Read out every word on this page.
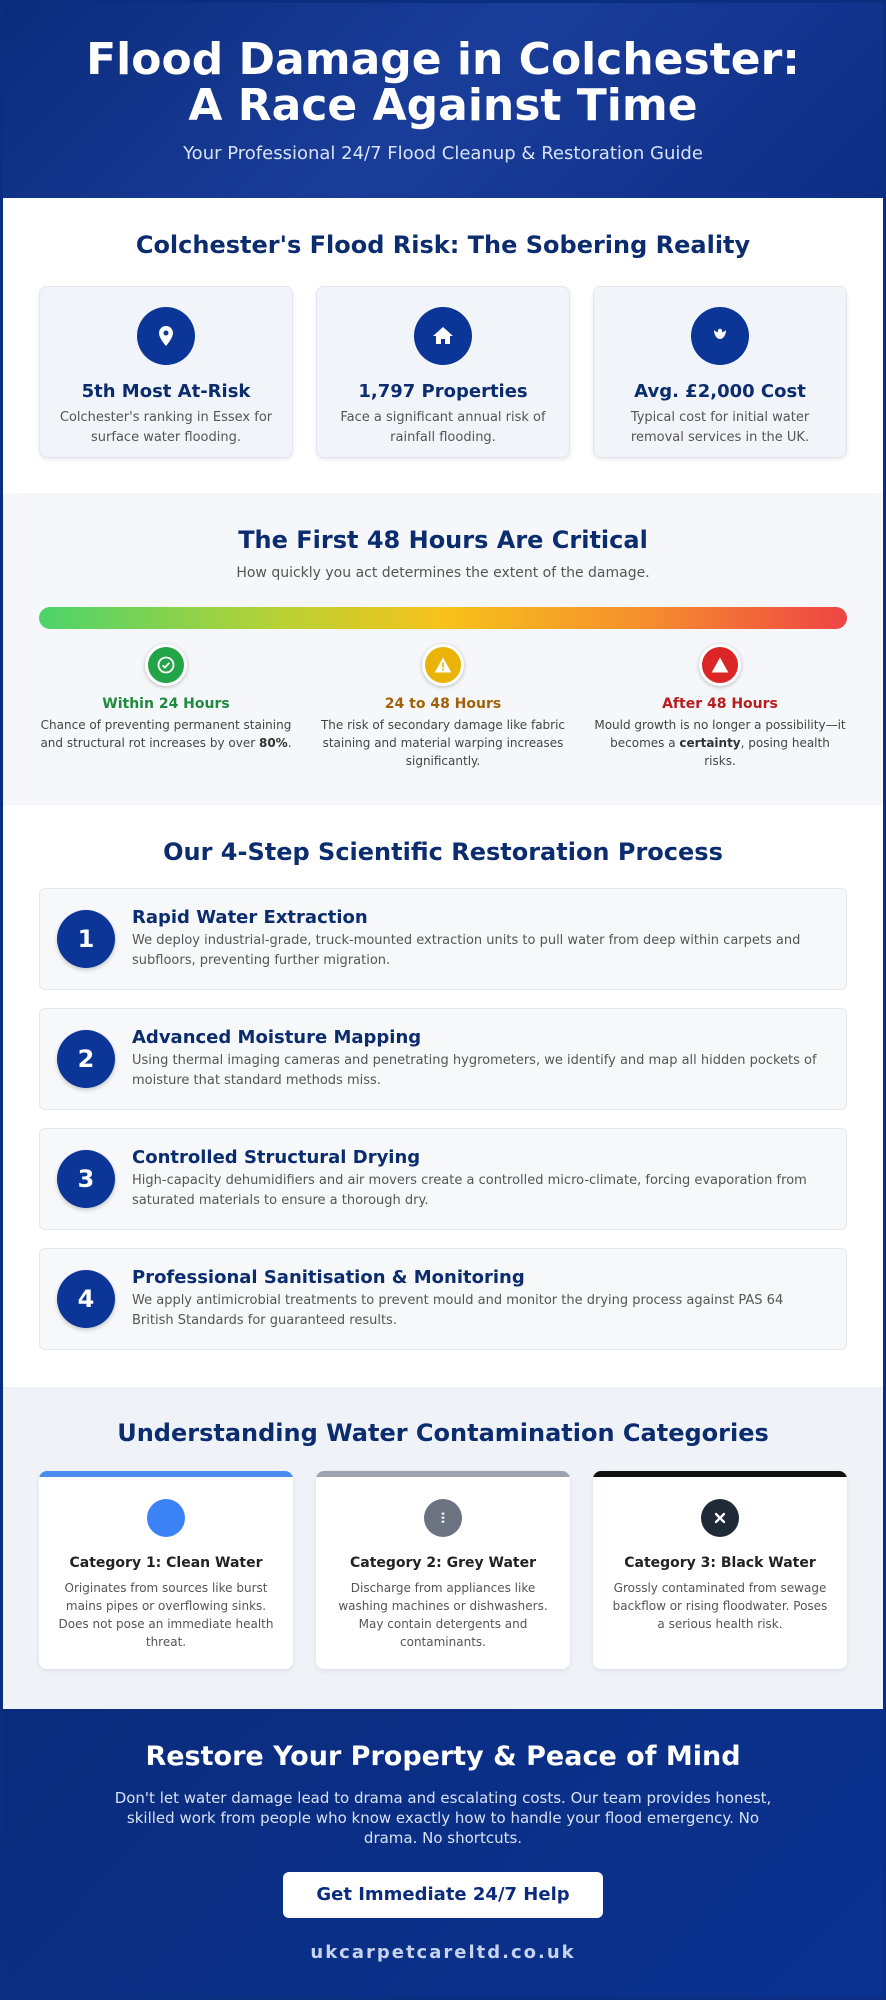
Flood Damage in Colchester: A Race Against Time

Your Professional 24/7 Flood Cleanup & Restoration Guide

Colchester's Flood Risk: The Sobering Reality
5th Most At-Risk
Colchester's ranking in Essex for surface water flooding.
1,797 Properties
Face a significant annual risk of rainfall flooding.
Avg. £2,000 Cost
Typical cost for initial water removal services in the UK.
The First 48 Hours Are Critical

How quickly you act determines the extent of the damage.

Within 24 Hours
Chance of preventing permanent staining and structural rot increases by over 80%.
24 to 48 Hours
The risk of secondary damage like fabric staining and material warping increases significantly.
After 48 Hours
Mould growth is no longer a possibility—it becomes a certainty, posing health risks.
Our 4-Step Scientific Restoration Process
1
Rapid Water Extraction
We deploy industrial-grade, truck-mounted extraction units to pull water from deep within carpets and subfloors, preventing further migration.
2
Advanced Moisture Mapping
Using thermal imaging cameras and penetrating hygrometers, we identify and map all hidden pockets of moisture that standard methods miss.
3
Controlled Structural Drying
High-capacity dehumidifiers and air movers create a controlled micro-climate, forcing evaporation from saturated materials to ensure a thorough dry.
4
Professional Sanitisation & Monitoring
We apply antimicrobial treatments to prevent mould and monitor the drying process against PAS 64 British Standards for guaranteed results.
Understanding Water Contamination Categories
Category 1: Clean Water
Originates from sources like burst mains pipes or overflowing sinks. Does not pose an immediate health threat.
Category 2: Grey Water
Discharge from appliances like washing machines or dishwashers. May contain detergents and contaminants.
Category 3: Black Water
Grossly contaminated from sewage backflow or rising floodwater. Poses a serious health risk.
Restore Your Property & Peace of Mind

Don't let water damage lead to drama and escalating costs. Our team provides honest, skilled work from people who know exactly how to handle your flood emergency. No drama. No shortcuts.

Get Immediate 24/7 Help
ukcarpetcareltd.co.uk
